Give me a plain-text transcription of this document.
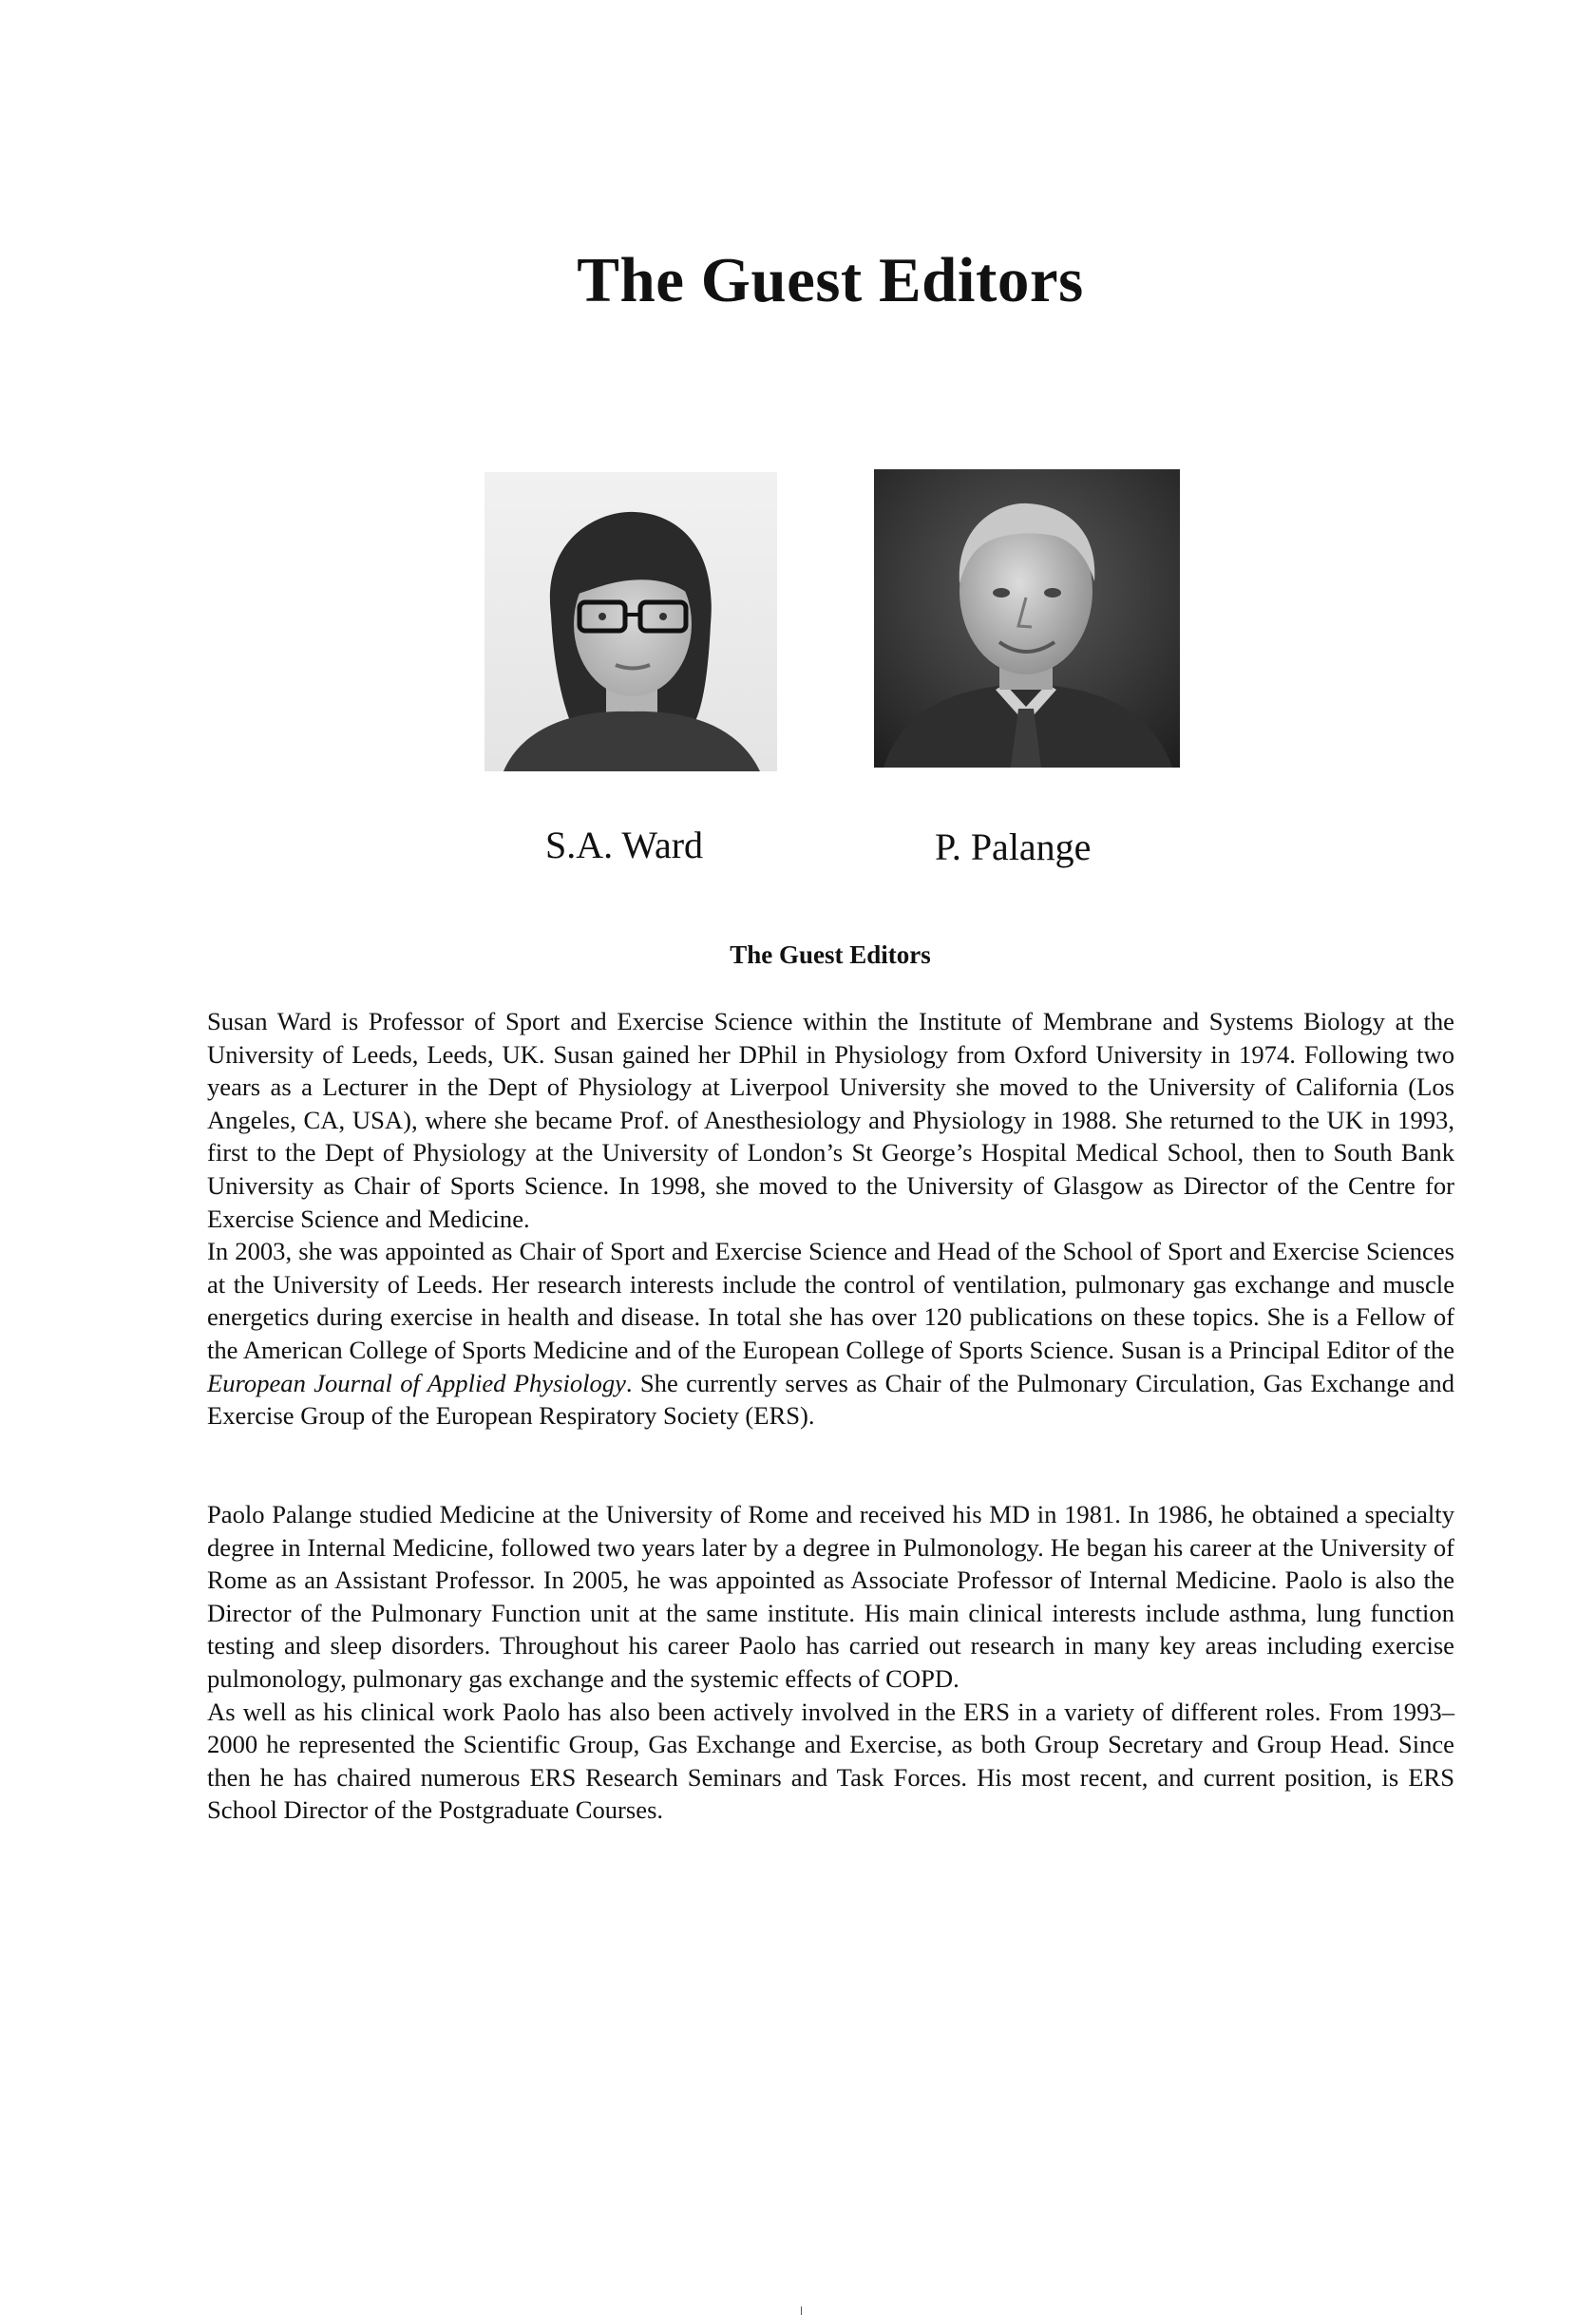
The Guest Editors
S.A. Ward	P. Palange
The Guest Editors

Susan Ward is Professor of Sport and Exercise Science within the Institute of Membrane and Systems Biology at the University of Leeds, Leeds, UK. Susan gained her DPhil in Physiology from Oxford University in 1974. Following two years as a Lecturer in the Dept of Physiology at Liverpool University she moved to the University of California (Los Angeles, CA, USA), where she became Prof. of Anesthesiology and Physiology in 1988. She returned to the UK in 1993, first to the Dept of Physiology at the University of London’s St George’s Hospital Medical School, then to South Bank University as Chair of Sports Science. In 1998, she moved to the University of Glasgow as Director of the Centre for Exercise Science and Medicine.

In 2003, she was appointed as Chair of Sport and Exercise Science and Head of the School of Sport and Exercise Sciences at the University of Leeds. Her research interests include the control of ventilation, pulmonary gas exchange and muscle energetics during exercise in health and disease. In total she has over 120 publications on these topics. She is a Fellow of the American College of Sports Medicine and of the European College of Sports Science. Susan is a Principal Editor of the European Journal of Applied Physiology. She currently serves as Chair of the Pulmonary Circulation, Gas Exchange and Exercise Group of the European Respiratory Society (ERS).

Paolo Palange studied Medicine at the University of Rome and received his MD in 1981. In 1986, he obtained a specialty degree in Internal Medicine, followed two years later by a degree in Pulmonology. He began his career at the University of Rome as an Assistant Professor. In 2005, he was appointed as Associate Professor of Internal Medicine. Paolo is also the Director of the Pulmonary Function unit at the same institute. His main clinical interests include asthma, lung function testing and sleep disorders. Throughout his career Paolo has carried out research in many key areas including exercise pulmonology, pulmonary gas exchange and the systemic effects of COPD.

As well as his clinical work Paolo has also been actively involved in the ERS in a variety of different roles. From 1993–2000 he represented the Scientific Group, Gas Exchange and Exercise, as both Group Secretary and Group Head. Since then he has chaired numerous ERS Research Seminars and Task Forces. His most recent, and current position, is ERS School Director of the Postgraduate Courses.
